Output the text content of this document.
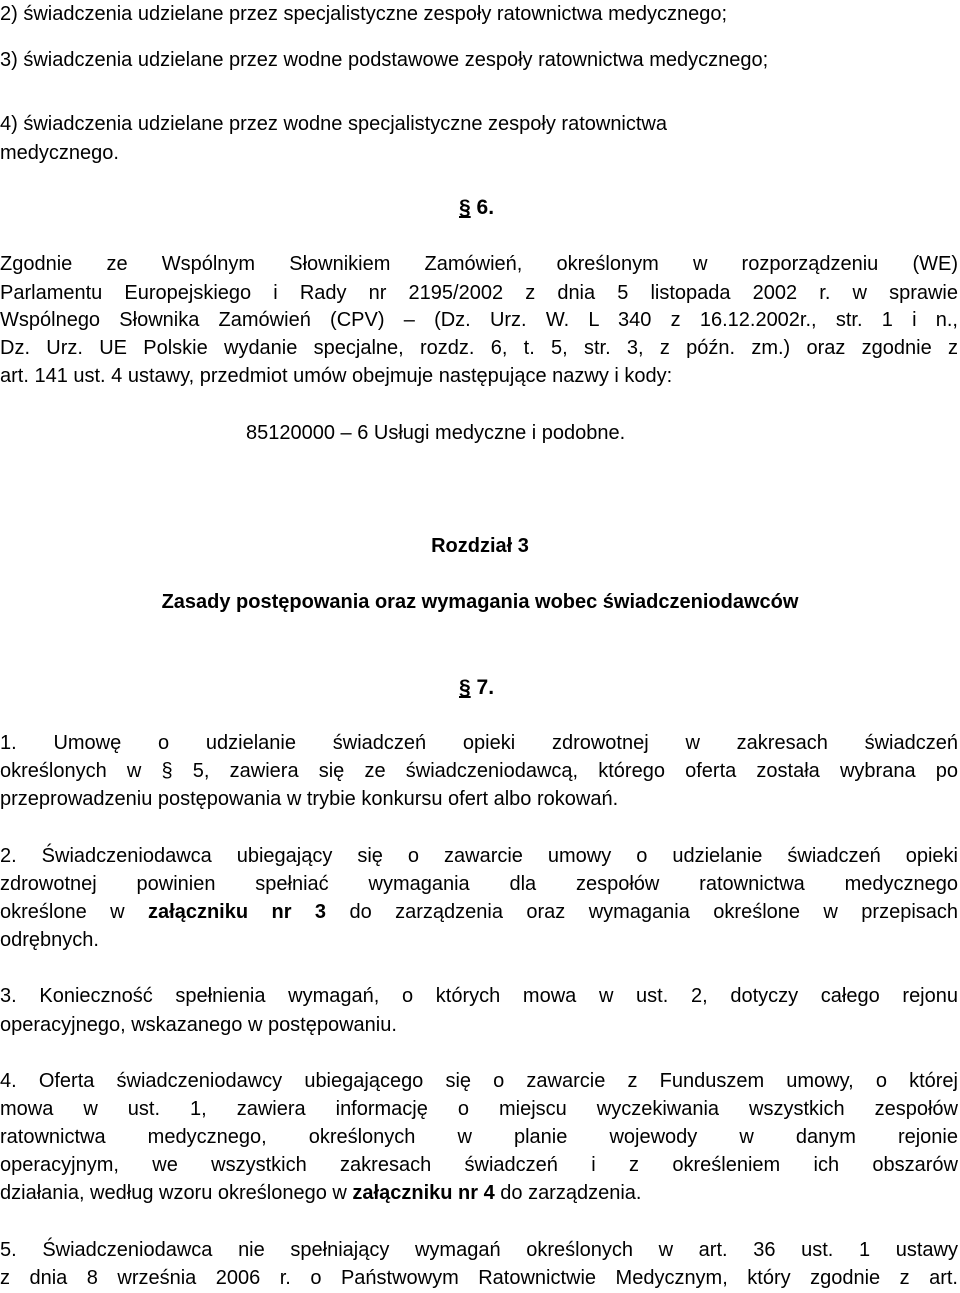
2) świadczenia udzielane przez specjalistyczne zespoły ratownictwa medycznego;
3) świadczenia udzielane przez wodne podstawowe zespoły ratownictwa medycznego;
4) świadczenia udzielane przez wodne specjalistyczne zespoły ratownictwa
medycznego.
§ 6.
Zgodnie ze Wspólnym Słownikiem Zamówień, określonym w rozporządzeniu (WE)
Parlamentu Europejskiego i Rady nr 2195/2002 z dnia 5 listopada 2002 r. w sprawie
Wspólnego Słownika Zamówień (CPV) – (Dz. Urz. W. L 340 z 16.12.2002r., str. 1 i n.,
Dz. Urz. UE Polskie wydanie specjalne, rozdz. 6, t. 5, str. 3, z późn. zm.) oraz zgodnie z
art. 141 ust. 4 ustawy, przedmiot umów obejmuje następujące nazwy i kody:
85120000 – 6 Usługi medyczne i podobne.
Rozdział 3
Zasady postępowania oraz wymagania wobec świadczeniodawców
§ 7.
1. Umowę o udzielanie świadczeń opieki zdrowotnej w zakresach świadczeń
określonych w § 5, zawiera się ze świadczeniodawcą, którego oferta została wybrana po
przeprowadzeniu postępowania w trybie konkursu ofert albo rokowań.
2. Świadczeniodawca ubiegający się o zawarcie umowy o udzielanie świadczeń opieki
zdrowotnej powinien spełniać wymagania dla zespołów ratownictwa medycznego
określone w załączniku nr 3 do zarządzenia oraz wymagania określone w przepisach
odrębnych.
3. Konieczność spełnienia wymagań, o których mowa w ust. 2, dotyczy całego rejonu
operacyjnego, wskazanego w postępowaniu.
4. Oferta świadczeniodawcy ubiegającego się o zawarcie z Funduszem umowy, o której
mowa w ust. 1, zawiera informację o miejscu wyczekiwania wszystkich zespołów
ratownictwa medycznego, określonych w planie wojewody w danym rejonie
operacyjnym, we wszystkich zakresach świadczeń i z określeniem ich obszarów
działania, według wzoru określonego w załączniku nr 4 do zarządzenia.
5. Świadczeniodawca nie spełniający wymagań określonych w art. 36 ust. 1 ustawy
z dnia 8 września 2006 r. o Państwowym Ratownictwie Medycznym, który zgodnie z art.
